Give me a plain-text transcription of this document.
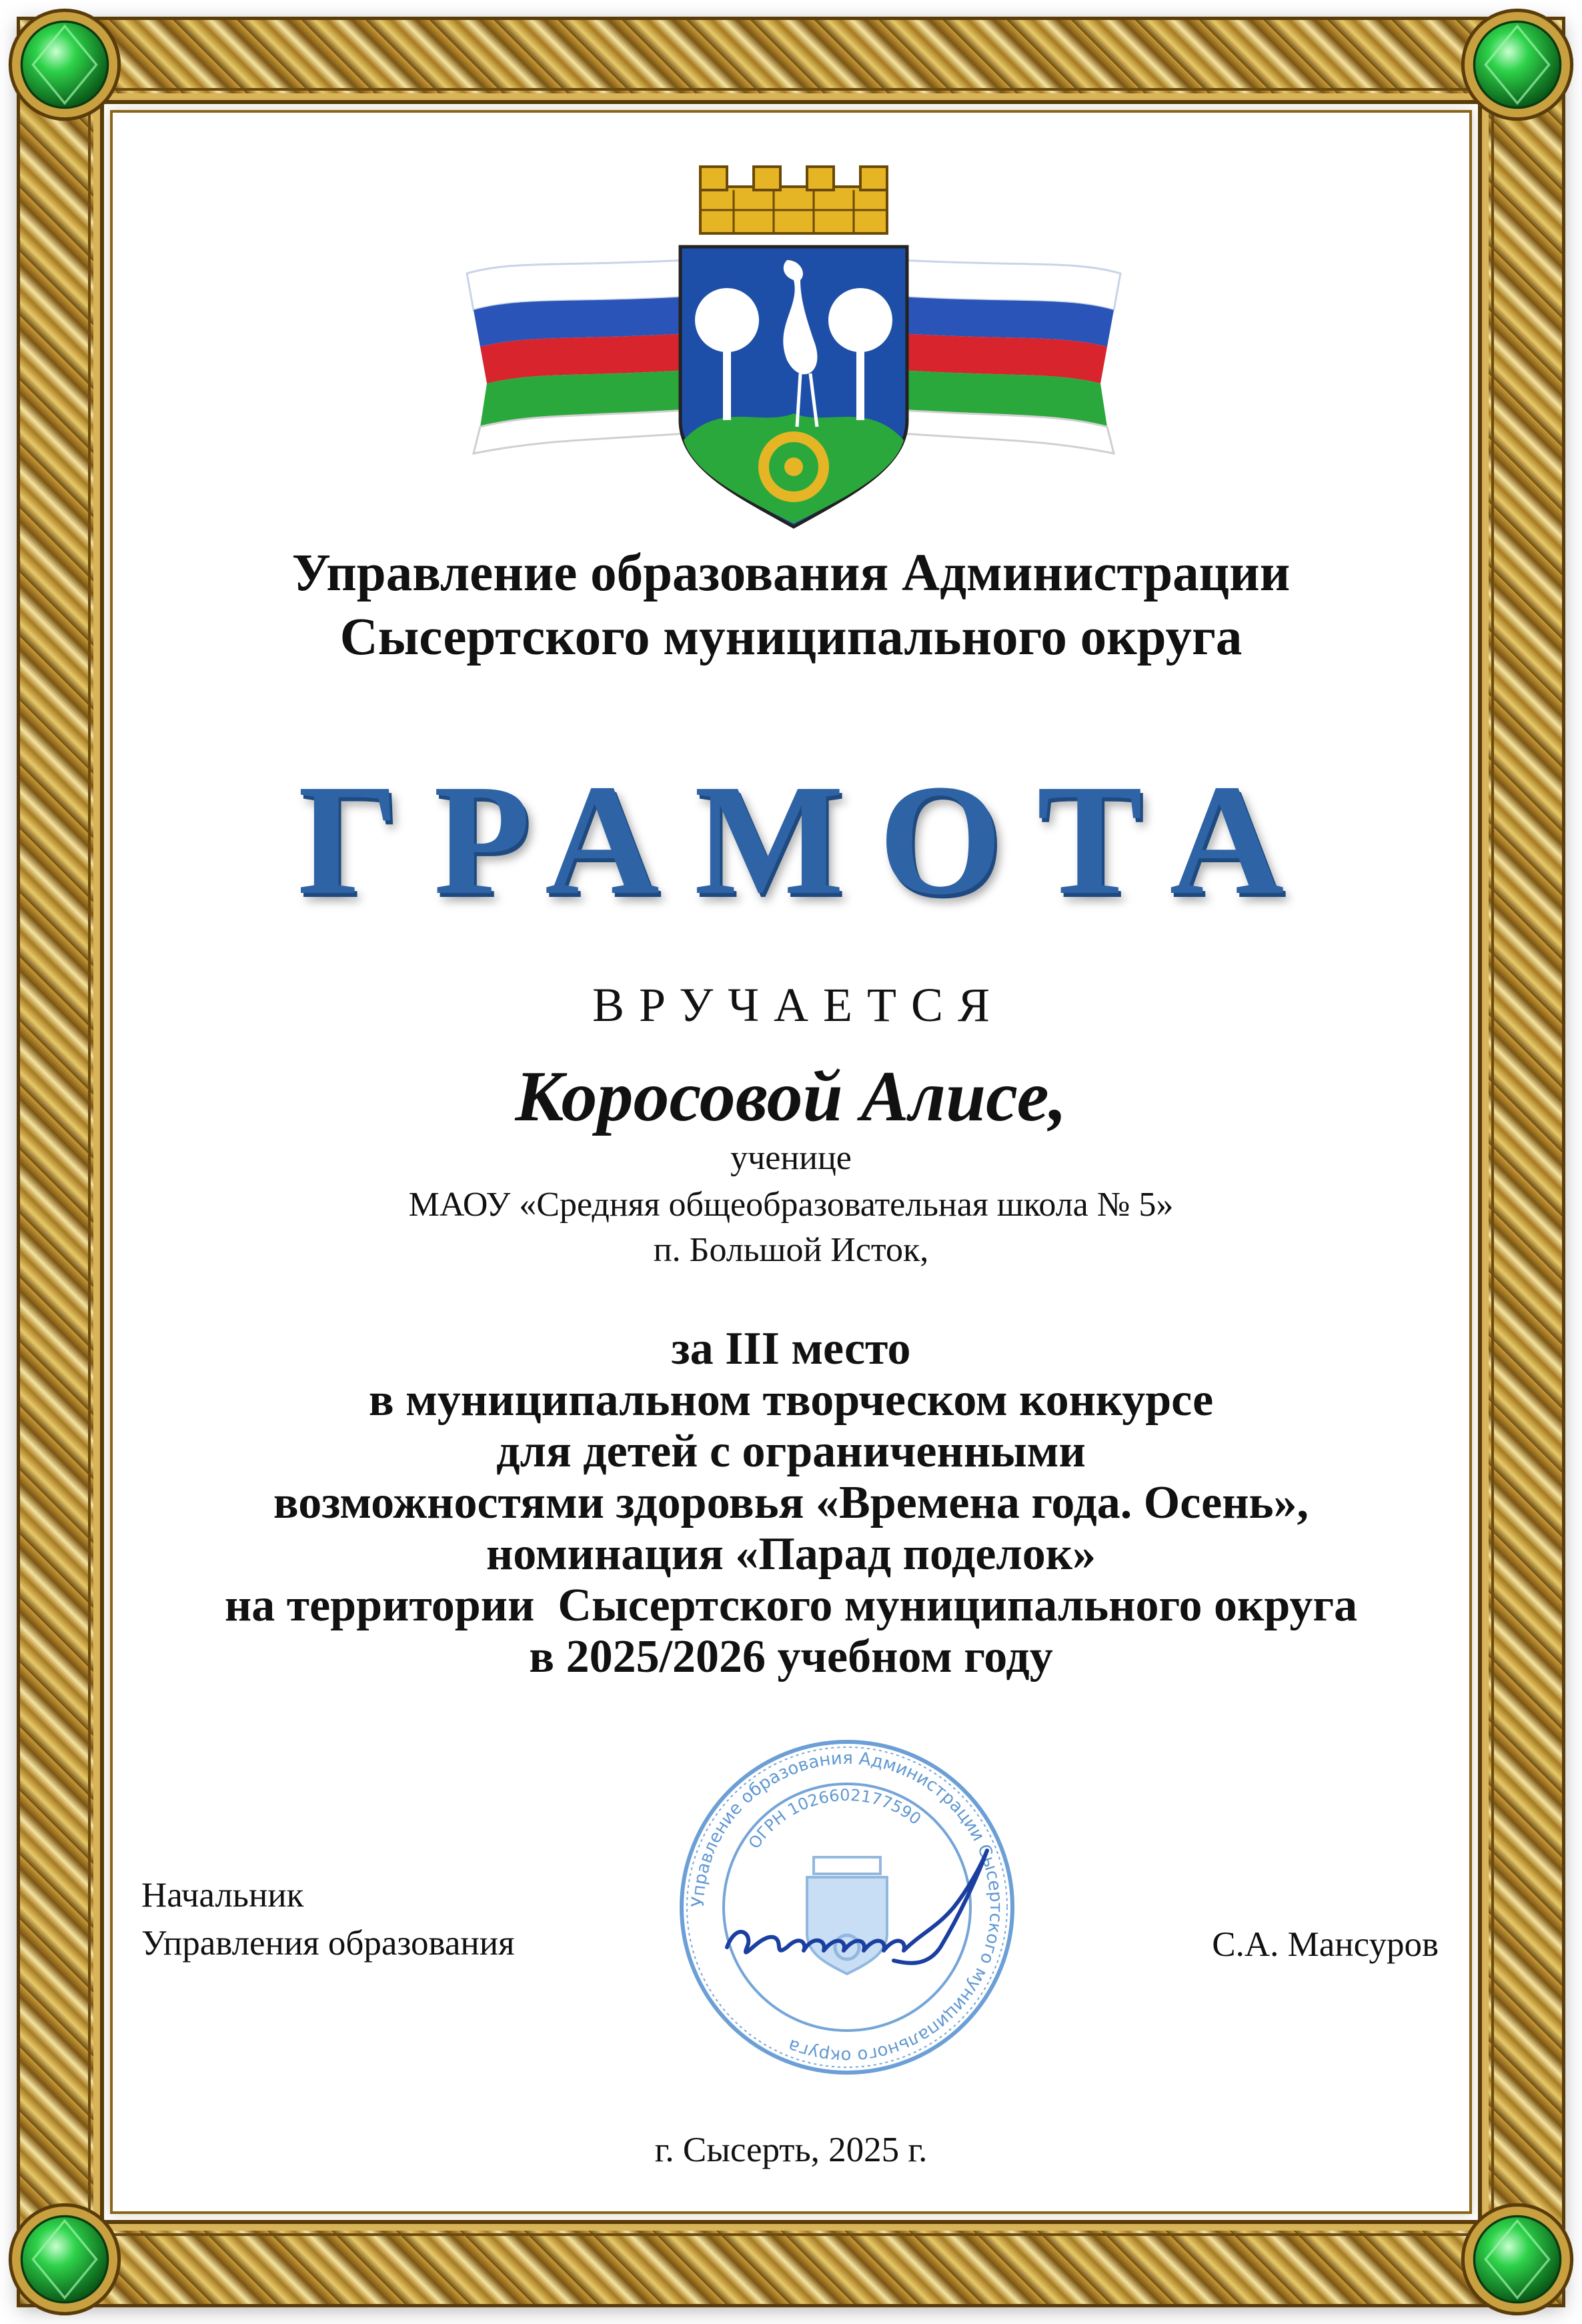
Управление образования Администрации
Сысертского муниципального округа
ГРАМОТА
ВРУЧАЕТСЯ
Коросовой Алисе,
ученице
МАОУ «Средняя общеобразовательная школа № 5»
п. Большой Исток,
за III место
в муниципальном творческом конкурсе
для детей с ограниченными
возможностями здоровья «Времена года. Осень»,
номинация «Парад поделок»
на территории  Сысертского муниципального округа
в 2025/2026 учебном году
Начальник
Управления образования
Управление образования Администрации Сысертского муниципального округа
ОГРН 1026602177590
С.А. Мансуров
г. Сысерть, 2025 г.
